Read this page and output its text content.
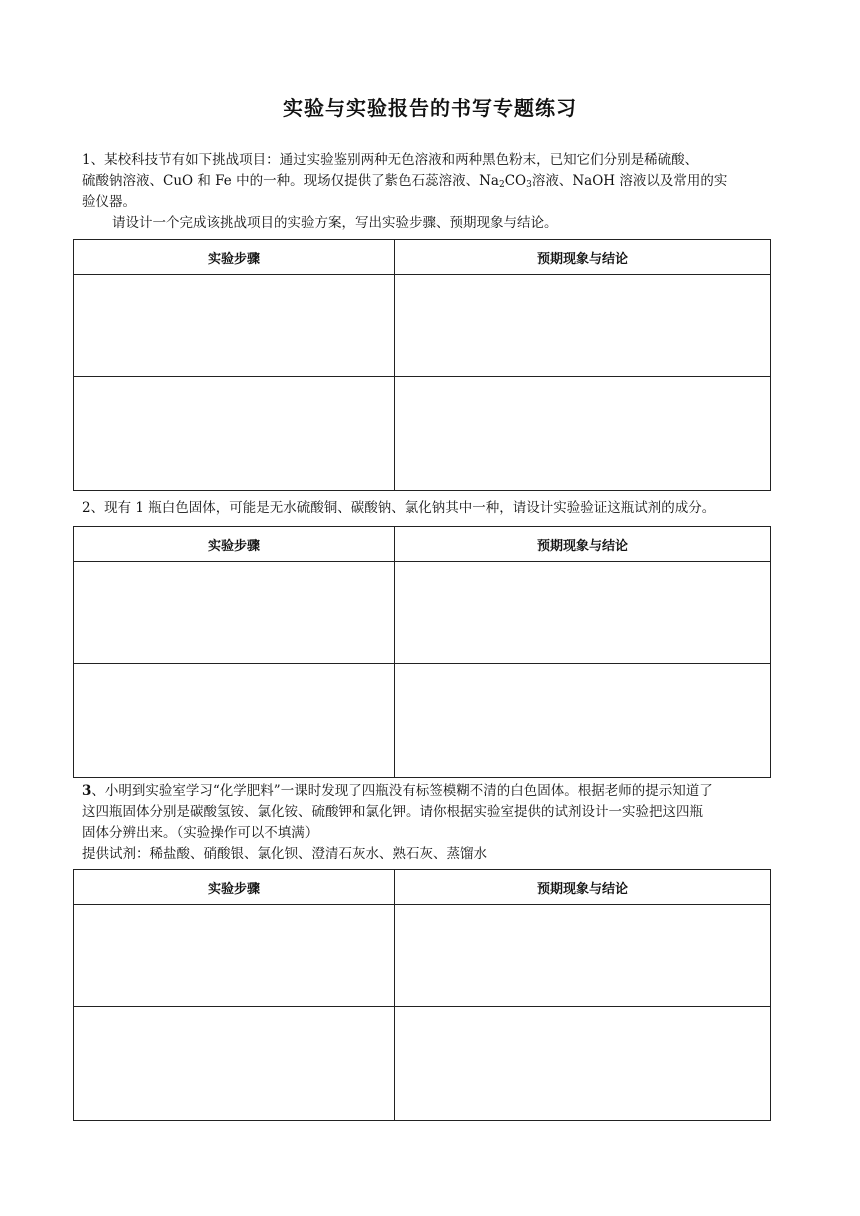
实验与实验报告的书写专题练习

1、某校科技节有如下挑战项目：通过实验鉴别两种无色溶液和两种黑色粉末，已知它们分别是稀硫酸、

硫酸钠溶液、CuO 和 Fe 中的一种。现场仅提供了紫色石蕊溶液、$Na_2CO_3$溶液、NaOH 溶液以及常用的实

验仪器。

请设计一个完成该挑战项目的实验方案，写出实验步骤、预期现象与结论。

实验步骤	预期现象与结论

2、现有 1 瓶白色固体，可能是无水硫酸铜、碳酸钠、氯化钠其中一种，请设计实验验证这瓶试剂的成分。

实验步骤	预期现象与结论

3、小明到实验室学习“化学肥料”一课时发现了四瓶没有标签模糊不清的白色固体。根据老师的提示知道了

这四瓶固体分别是碳酸氢铵、氯化铵、硫酸钾和氯化钾。请你根据实验室提供的试剂设计一实验把这四瓶

固体分辨出来。（实验操作可以不填满）

提供试剂：稀盐酸、硝酸银、氯化钡、澄清石灰水、熟石灰、蒸馏水

实验步骤	预期现象与结论
